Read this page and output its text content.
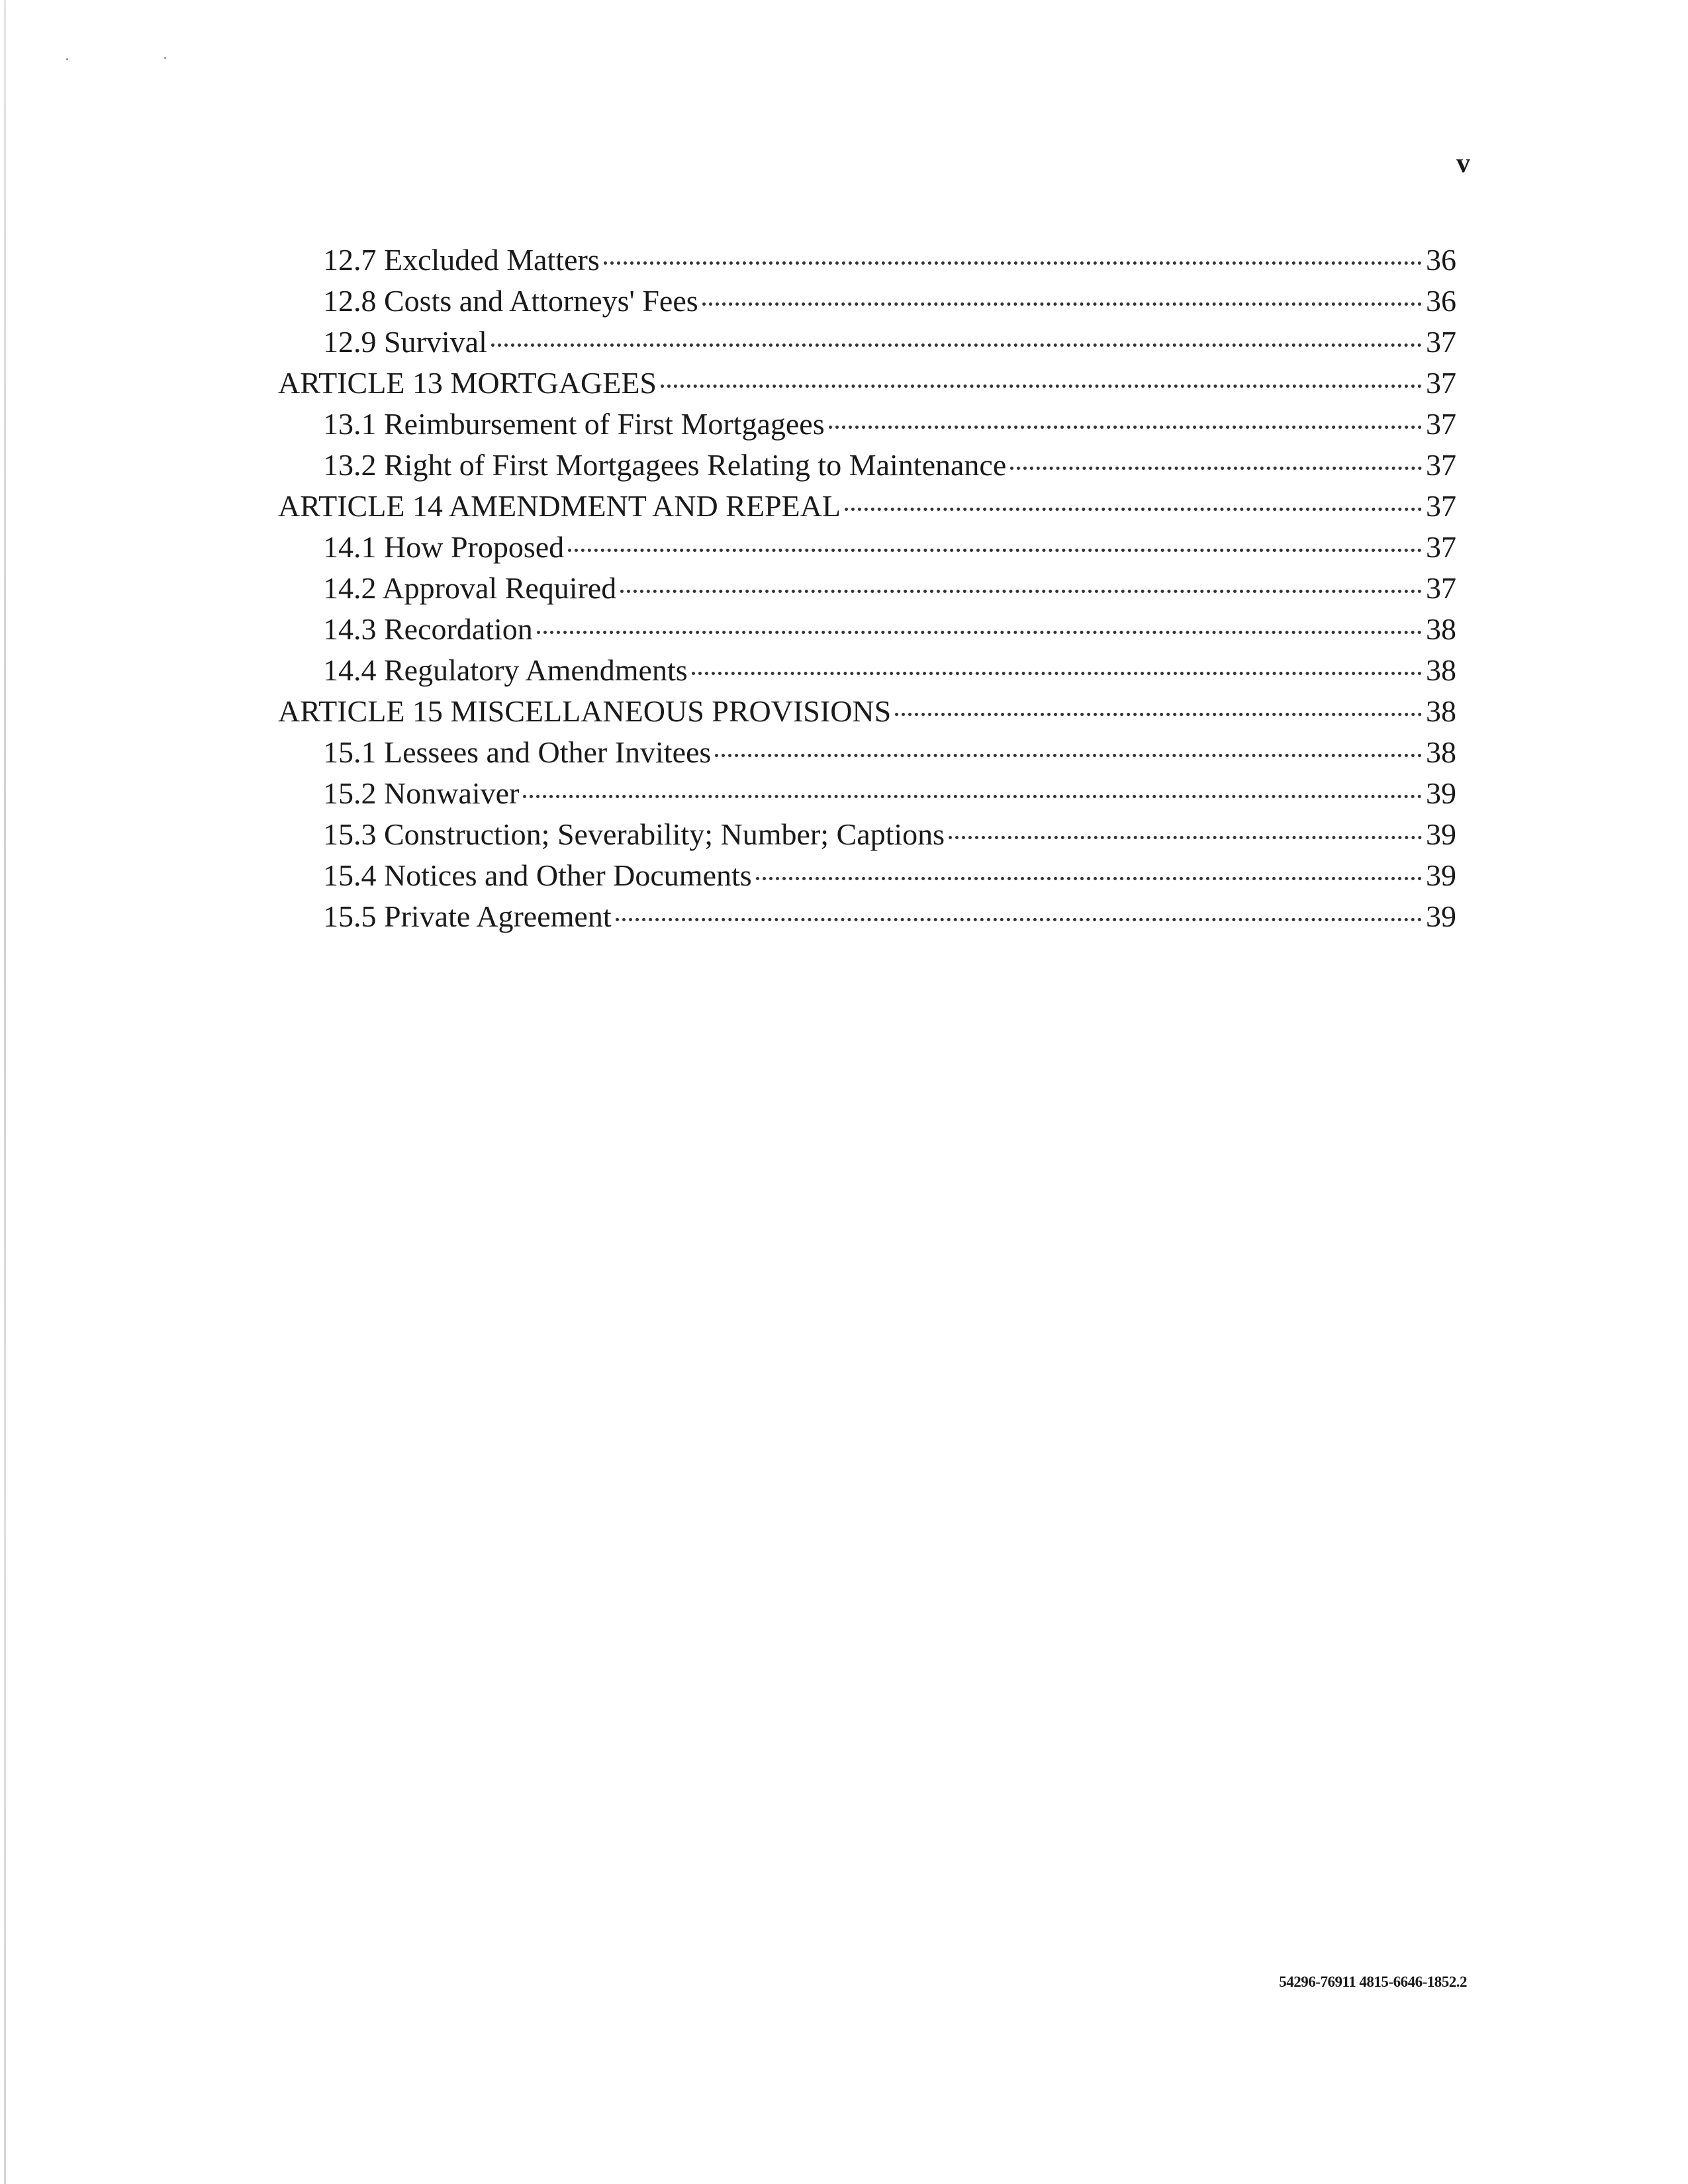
v
12.7 Excluded Matters	36
12.8 Costs and Attorneys' Fees	36
12.9 Survival	37
ARTICLE 13 MORTGAGEES	37
13.1 Reimbursement of First Mortgagees	37
13.2 Right of First Mortgagees Relating to Maintenance	37
ARTICLE 14 AMENDMENT AND REPEAL	37
14.1 How Proposed	37
14.2 Approval Required	37
14.3 Recordation	38
14.4 Regulatory Amendments	38
ARTICLE 15 MISCELLANEOUS PROVISIONS	38
15.1 Lessees and Other Invitees	38
15.2 Nonwaiver	39
15.3 Construction; Severability; Number; Captions	39
15.4 Notices and Other Documents	39
15.5 Private Agreement	39
54296-76911 4815-6646-1852.2
